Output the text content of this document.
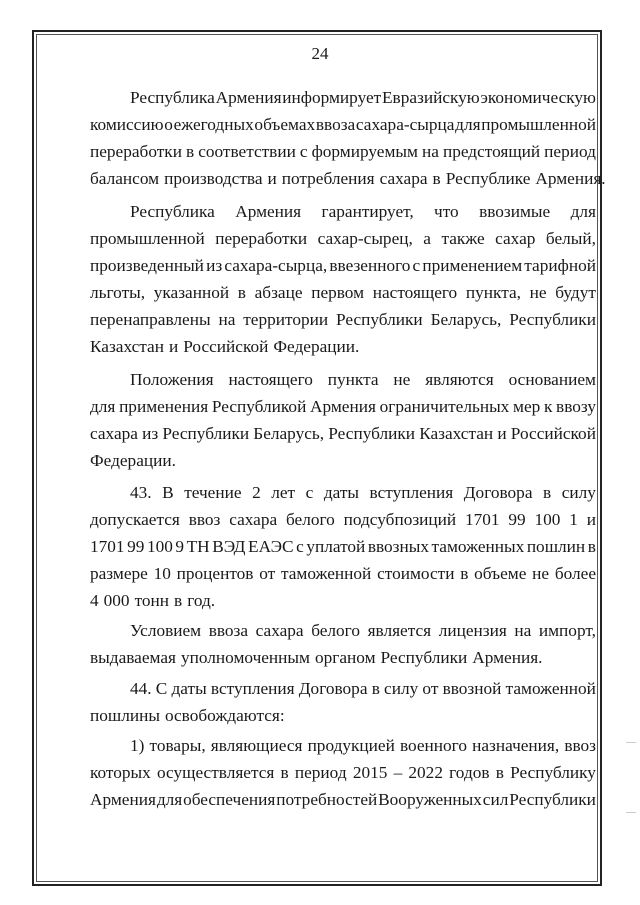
24
Республика Армения информирует Евразийскую экономическую
комиссию о ежегодных объемах ввоза сахара-сырца для промышленной
переработки в соответствии с формируемым на предстоящий период
балансом производства и потребления сахара в Республике Армения.
Республика Армения гарантирует, что ввозимые для
промышленной переработки сахар-сырец, а также сахар белый,
произведенный из сахара-сырца, ввезенного с применением тарифной
льготы, указанной в абзаце первом настоящего пункта, не будут
перенаправлены на территории Республики Беларусь, Республики
Казахстан и Российской Федерации.
Положения настоящего пункта не являются основанием
для применения Республикой Армения ограничительных мер к ввозу
сахара из Республики Беларусь, Республики Казахстан и Российской
Федерации.
43. В течение 2 лет с даты вступления Договора в силу
допускается ввоз сахара белого подсубпозиций 1701 99 100 1 и
1701 99 100 9 ТН ВЭД ЕАЭС с уплатой ввозных таможенных пошлин в
размере 10 процентов от таможенной стоимости в объеме не более
4 000 тонн в год.
Условием ввоза сахара белого является лицензия на импорт,
выдаваемая уполномоченным органом Республики Армения.
44. С даты вступления Договора в силу от ввозной таможенной
пошлины освобождаются:
1) товары, являющиеся продукцией военного назначения, ввоз
которых осуществляется в период 2015 – 2022 годов в Республику
Армения для обеспечения потребностей Вооруженных сил Республики
